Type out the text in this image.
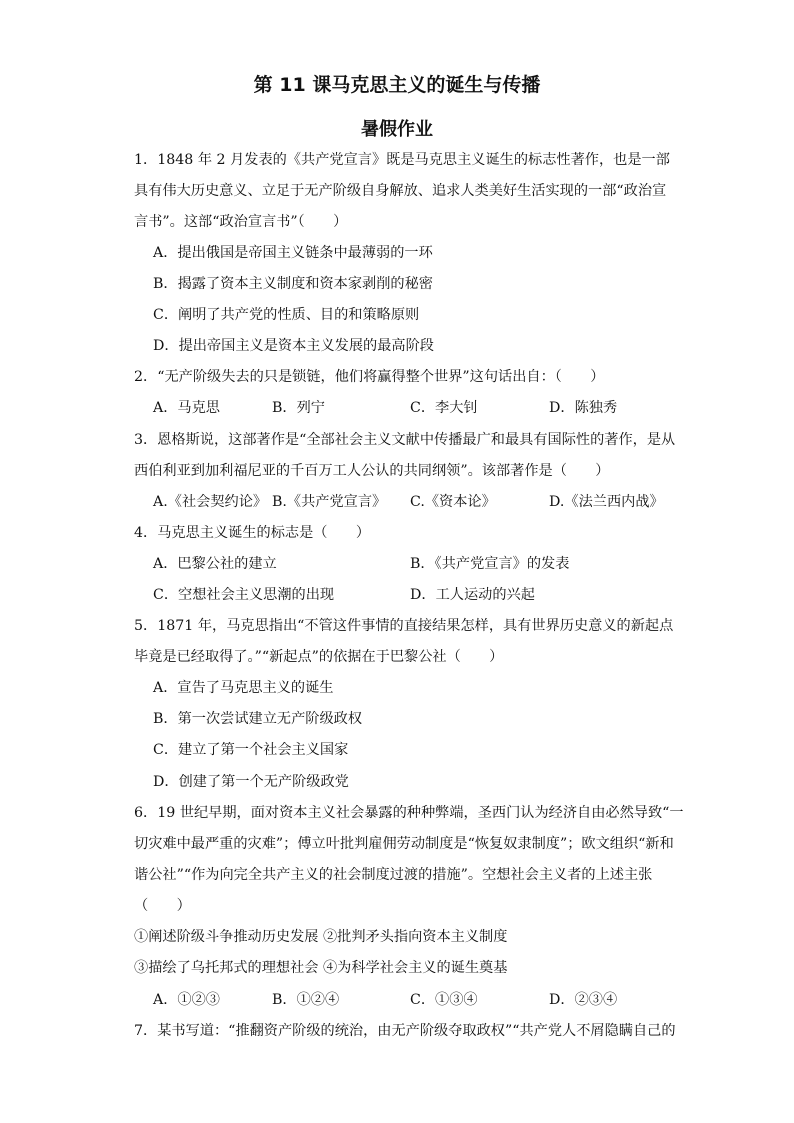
第 11 课马克思主义的诞生与传播
暑假作业
1．1848 年 2 月发表的《共产党宣言》既是马克思主义诞生的标志性著作，也是一部
具有伟大历史意义、立足于无产阶级自身解放、追求人类美好生活实现的一部“政治宣
言书”。这部“政治宣言书”（　　）
A．提出俄国是帝国主义链条中最薄弱的一环
B．揭露了资本主义制度和资本家剥削的秘密
C．阐明了共产党的性质、目的和策略原则
D．提出帝国主义是资本主义发展的最高阶段
2．“无产阶级失去的只是锁链，他们将赢得整个世界”这句话出自：（　　）
A．马克思	B．列宁	C．李大钊	D．陈独秀
3．恩格斯说，这部著作是“全部社会主义文献中传播最广和最具有国际性的著作，是从
西伯利亚到加利福尼亚的千百万工人公认的共同纲领”。该部著作是（　　）
A.《社会契约论》 B.《共产党宣言》 C.《资本论》	D.《法兰西内战》
4．马克思主义诞生的标志是（　　）
A．巴黎公社的建立	B．《共产党宣言》的发表
C．空想社会主义思潮的出现	D．工人运动的兴起
5．1871 年，马克思指出“不管这件事情的直接结果怎样，具有世界历史意义的新起点
毕竟是已经取得了。”“新起点”的依据在于巴黎公社（　　）
A．宣告了马克思主义的诞生
B．第一次尝试建立无产阶级政权
C．建立了第一个社会主义国家
D．创建了第一个无产阶级政党
6．19 世纪早期，面对资本主义社会暴露的种种弊端，圣西门认为经济自由必然导致“一
切灾难中最严重的灾难”；傅立叶批判雇佣劳动制度是“恢复奴隶制度”；欧文组织“新和
谐公社”“作为向完全共产主义的社会制度过渡的措施”。空想社会主义者的上述主张
（　　）
①阐述阶级斗争推动历史发展 ②批判矛头指向资本主义制度
③描绘了乌托邦式的理想社会 ④为科学社会主义的诞生奠基
A．①②③	B．①②④	C．①③④	D．②③④
7．某书写道：“推翻资产阶级的统治，由无产阶级夺取政权”“共产党人不屑隐瞒自己的
